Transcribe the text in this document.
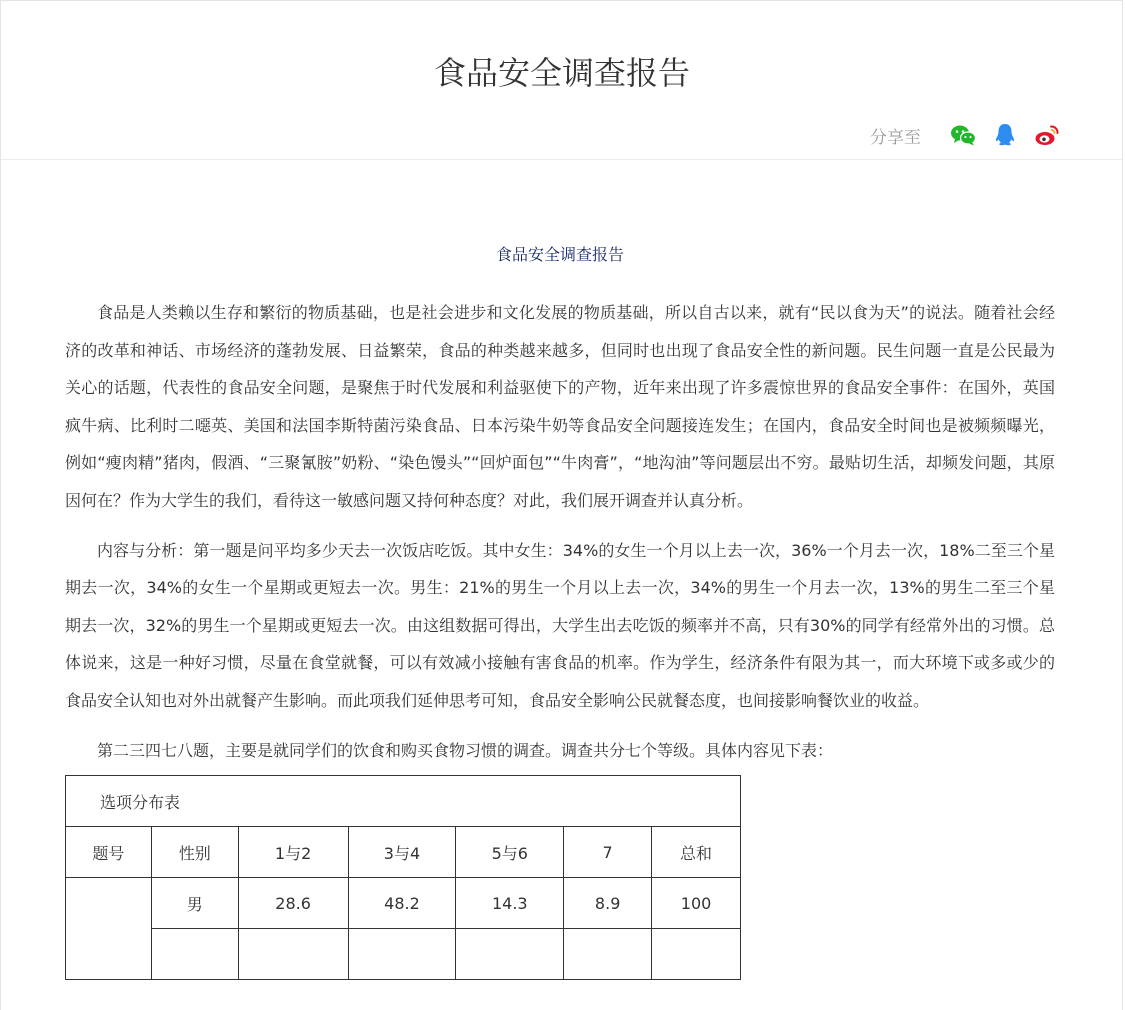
食品安全调查报告
分享至
食品安全调查报告

食品是人类赖以生存和繁衍的物质基础，也是社会进步和文化发展的物质基础，所以自古以来，就有“民以食为天”的说法。随着社会经济的改革和神话、市场经济的蓬勃发展、日益繁荣，食品的种类越来越多，但同时也出现了食品安全性的新问题。民生问题一直是公民最为关心的话题，代表性的食品安全问题，是聚焦于时代发展和利益驱使下的产物，近年来出现了许多震惊世界的食品安全事件：在国外，英国疯牛病、比利时二噁英、美国和法国李斯特菌污染食品、日本污染牛奶等食品安全问题接连发生；在国内，食品安全时间也是被频频曝光，例如“瘦肉精”猪肉，假酒、“三聚氰胺”奶粉、“染色馒头”“回炉面包”“牛肉膏”，“地沟油”等问题层出不穷。最贴切生活，却频发问题，其原因何在？作为大学生的我们，看待这一敏感问题又持何种态度？对此，我们展开调查并认真分析。

内容与分析：第一题是问平均多少天去一次饭店吃饭。其中女生：34%的女生一个月以上去一次，36%一个月去一次，18%二至三个星期去一次，34%的女生一个星期或更短去一次。男生：21%的男生一个月以上去一次，34%的男生一个月去一次，13%的男生二至三个星期去一次，32%的男生一个星期或更短去一次。由这组数据可得出，大学生出去吃饭的频率并不高，只有30%的同学有经常外出的习惯。总体说来，这是一种好习惯，尽量在食堂就餐，可以有效减小接触有害食品的机率。作为学生，经济条件有限为其一，而大环境下或多或少的食品安全认知也对外出就餐产生影响。而此项我们延伸思考可知，食品安全影响公民就餐态度，也间接影响餐饮业的收益。

第二三四七八题，主要是就同学们的饮食和购买食物习惯的调查。调查共分七个等级。具体内容见下表：

选项分布表						
题号	性别	1与2	3与4	5与6	7	总和
	男	28.6	48.2	14.3	8.9	100
